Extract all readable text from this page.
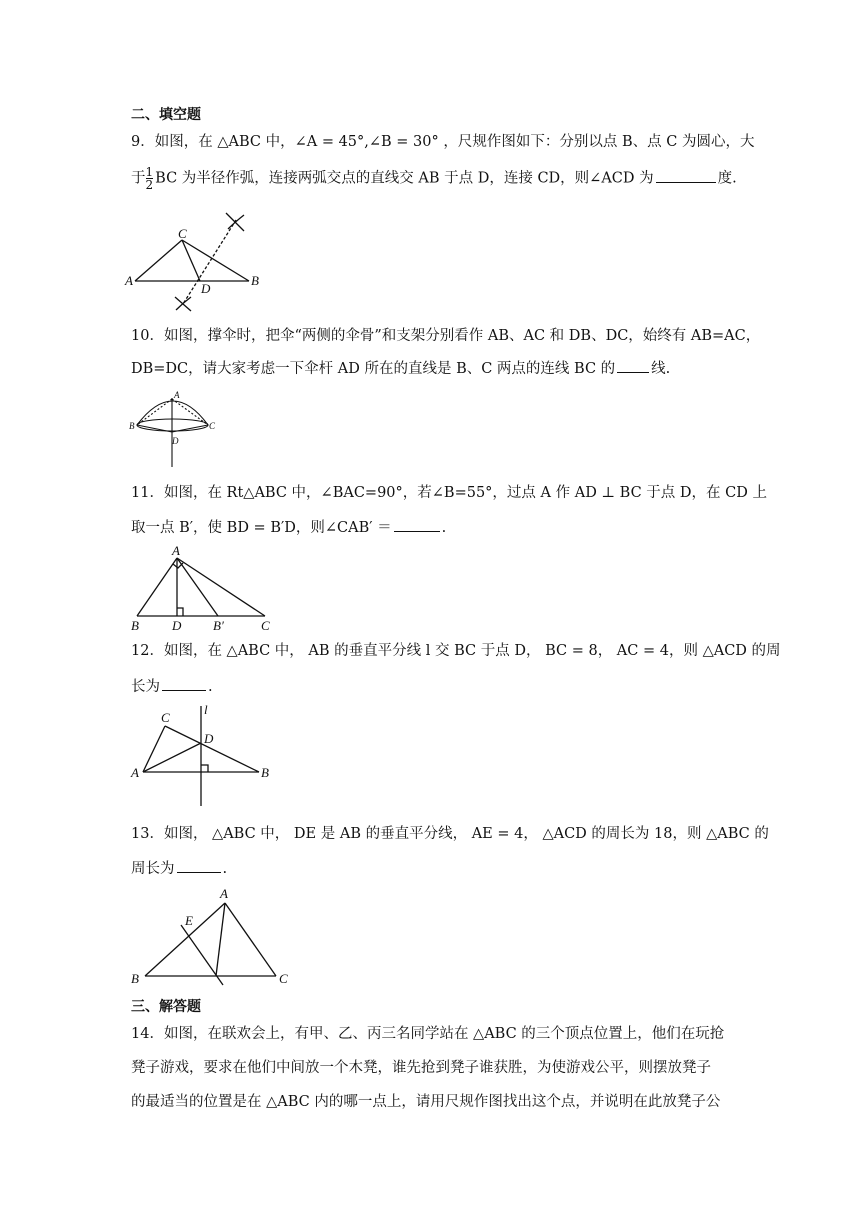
二、填空题
9．如图，在 △ABC 中，∠A = 45°,∠B = 30° ，尺规作图如下：分别以点 B、点 C 为圆心，大
于 $\frac{1}{2}$ BC 为半径作弧，连接两弧交点的直线交 AB 于点 D，连接 CD，则∠ACD 为	度.
A	B
C
D
10．如图，撑伞时，把伞“两侧的伞骨”和支架分别看作 AB、AC 和 DB、DC，始终有 AB=AC，
DB=DC，请大家考虑一下伞杆 AD 所在的直线是 B、C 两点的连线 BC 的 线.
A
B	C
D
11．如图，在 Rt△ABC 中，∠BAC=90°，若∠B=55°，过点 A 作 AD ⊥ BC 于点 D，在 CD 上
A
B	D B′	C
12．如图，在 △ABC 中， AB 的垂直平分线 l 交 BC 于点 D， BC = 8， AC = 4，则 △ACD 的周
长为	.
l
C
D
A	B
13．如图， △ABC 中， DE 是 AB 的垂直平分线， AE = 4， △ACD 的周长为 18，则 △ABC 的
周长为	.
A
E
B	C
三、解答题
14．如图，在联欢会上，有甲、乙、丙三名同学站在 △ABC 的三个顶点位置上，他们在玩抢
凳子游戏，要求在他们中间放一个木凳，谁先抢到凳子谁获胜，为使游戏公平，则摆放凳子
的最适当的位置是在 △ABC 内的哪一点上，请用尺规作图找出这个点，并说明在此放凳子公
取一点 B′，使 BD = B′D，则∠CAB′ ＝	.
